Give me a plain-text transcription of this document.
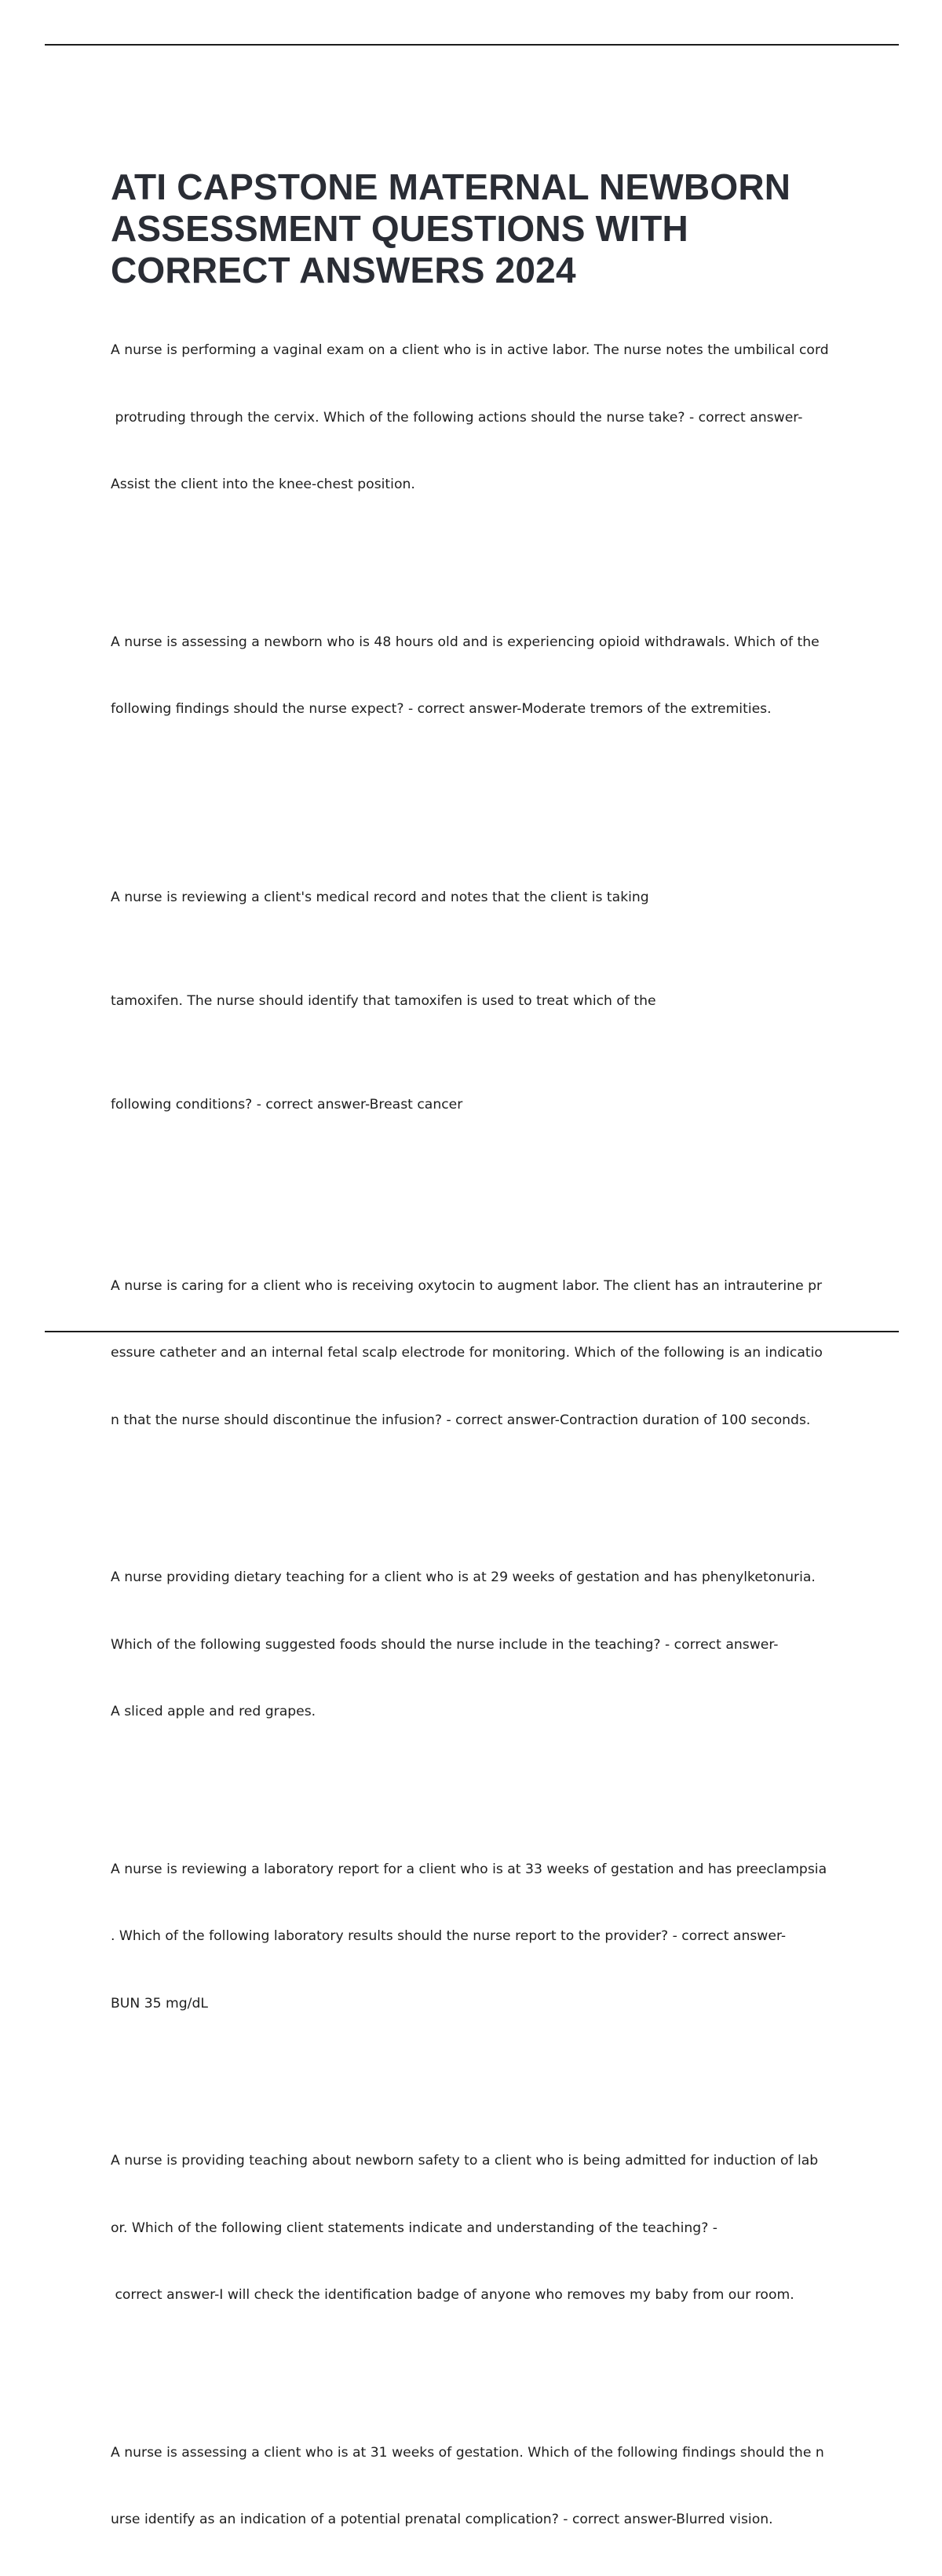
ATI CAPSTONE MATERNAL NEWBORN
ASSESSMENT QUESTIONS WITH
CORRECT ANSWERS 2024

A nurse is performing a vaginal exam on a client who is in active labor. The nurse notes the umbilical cord

protruding through the cervix. Which of the following actions should the nurse take? - correct answer-

Assist the client into the knee-chest position.

A nurse is assessing a newborn who is 48 hours old and is experiencing opioid withdrawals. Which of the

following findings should the nurse expect? - correct answer-Moderate tremors of the extremities.

A nurse is reviewing a client's medical record and notes that the client is taking

tamoxifen. The nurse should identify that tamoxifen is used to treat which of the

following conditions? - correct answer-Breast cancer

A nurse is caring for a client who is receiving oxytocin to augment labor. The client has an intrauterine pr

essure catheter and an internal fetal scalp electrode for monitoring. Which of the following is an indicatio

n that the nurse should discontinue the infusion? - correct answer-Contraction duration of 100 seconds.

A nurse providing dietary teaching for a client who is at 29 weeks of gestation and has phenylketonuria.

Which of the following suggested foods should the nurse include in the teaching? - correct answer-

A sliced apple and red grapes.

A nurse is reviewing a laboratory report for a client who is at 33 weeks of gestation and has preeclampsia

. Which of the following laboratory results should the nurse report to the provider? - correct answer-

BUN 35 mg/dL

A nurse is providing teaching about newborn safety to a client who is being admitted for induction of lab

or. Which of the following client statements indicate and understanding of the teaching? -

correct answer-I will check the identification badge of anyone who removes my baby from our room.

A nurse is assessing a client who is at 31 weeks of gestation. Which of the following findings should the n

urse identify as an indication of a potential prenatal complication? - correct answer-Blurred vision.
